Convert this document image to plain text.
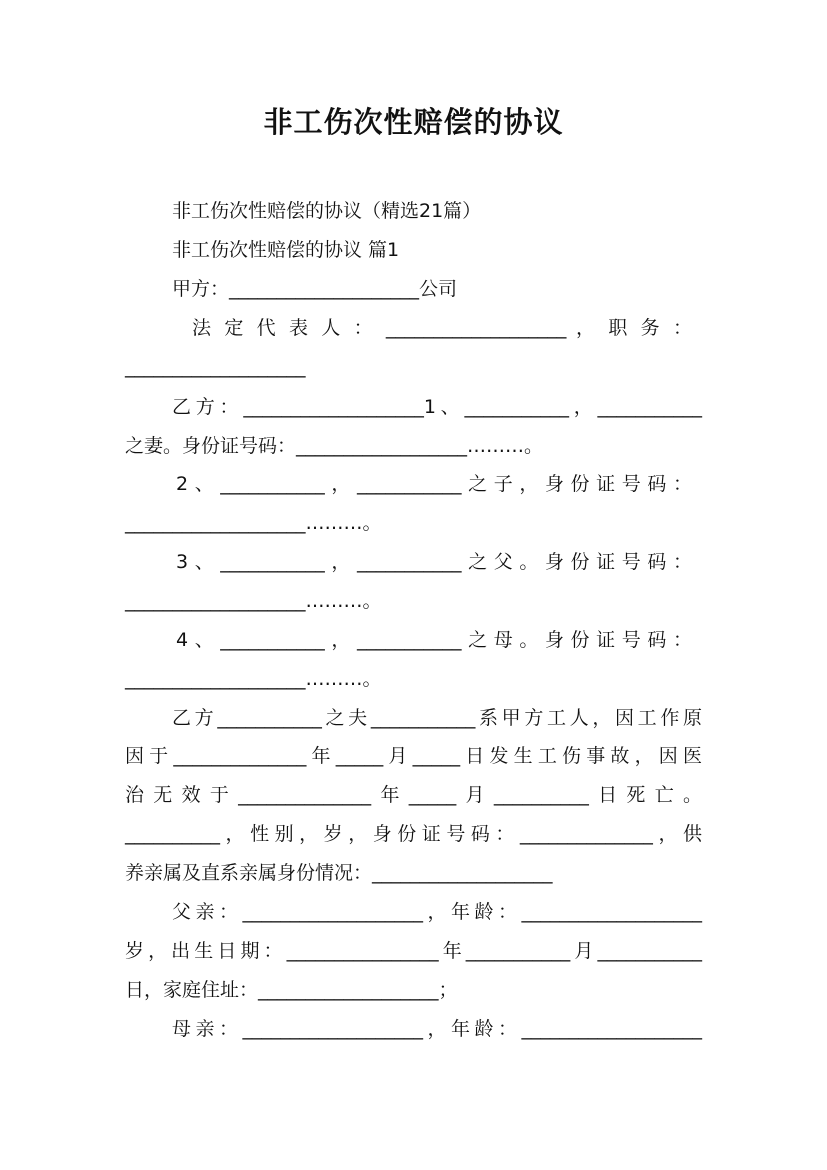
非工伤次性赔偿的协议
非工伤次性赔偿的协议（精选21篇）
非工伤次性赔偿的协议 篇1
甲方：____________________公司
法 定 代 表 人 ： ___________________ ， 职 务 ：
___________________
乙方：___________________1、___________，___________
之妻。身份证号码：__________________………。
2、___________，___________之子，身份证号码：
___________________………。
3、___________，___________之父。身份证号码：
___________________………。
4、___________，___________之母。身份证号码：
___________________………。
乙方___________之夫___________系甲方工人，因工作原
因于______________年_____月_____日发生工伤事故，因医
治无效于______________年_____月__________日死亡。
__________，性别，岁，身份证号码：______________，供
养亲属及直系亲属身份情况：___________________
父亲：___________________，年龄：___________________
岁，出生日期：________________年___________月___________
日，家庭住址：___________________；
母亲：___________________，年龄：___________________
